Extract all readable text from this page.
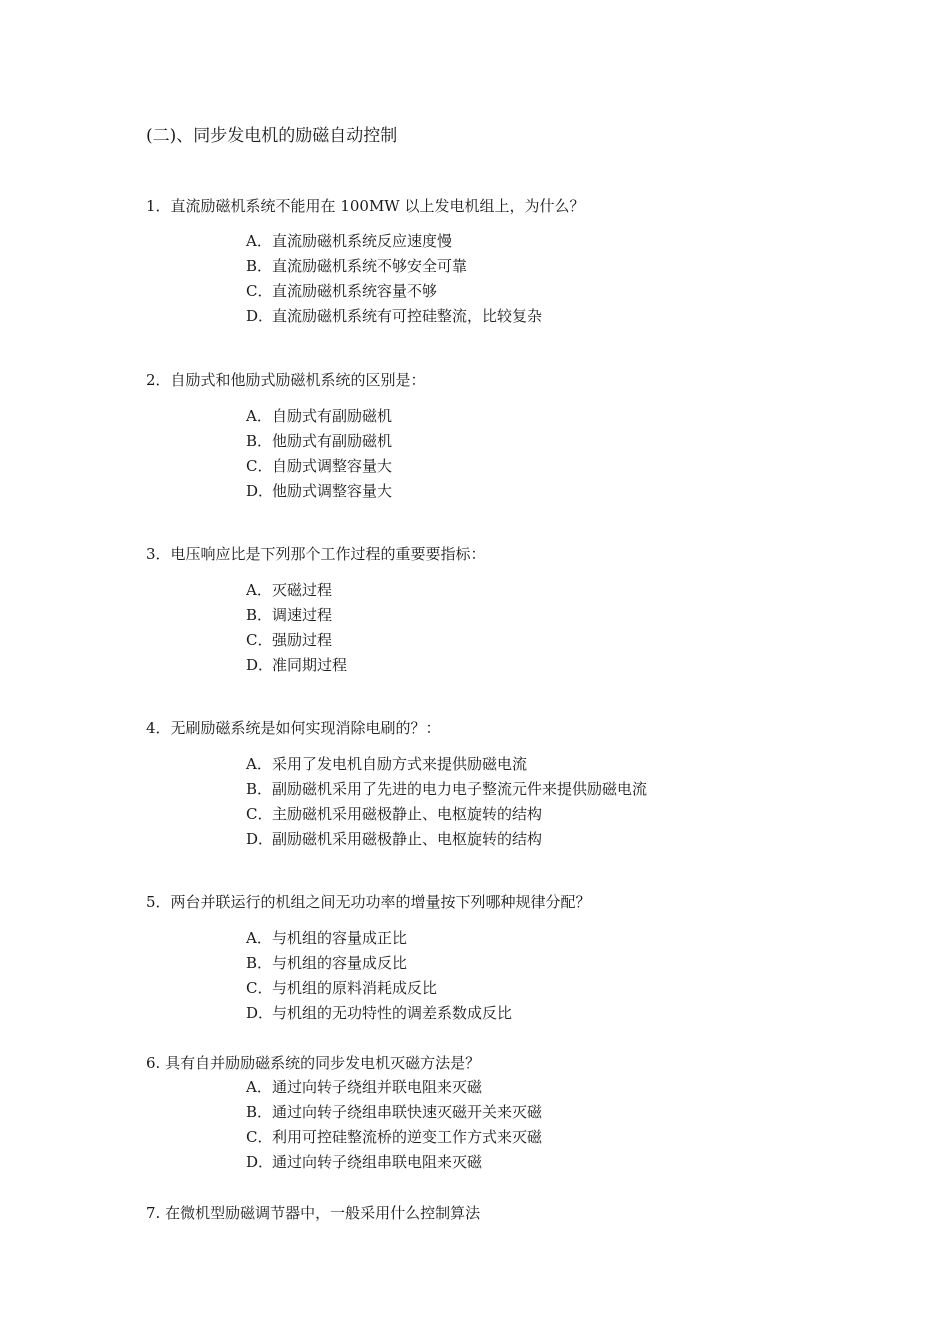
(二)、同步发电机的励磁自动控制
1．直流励磁机系统不能用在 100MW 以上发电机组上，为什么？
A．直流励磁机系统反应速度慢
B．直流励磁机系统不够安全可靠
C．直流励磁机系统容量不够
D．直流励磁机系统有可控硅整流，比较复杂
2．自励式和他励式励磁机系统的区别是：
A．自励式有副励磁机
B．他励式有副励磁机
C．自励式调整容量大
D．他励式调整容量大
3．电压响应比是下列那个工作过程的重要要指标：
A．灭磁过程
B．调速过程
C．强励过程
D．准同期过程
4．无刷励磁系统是如何实现消除电刷的？：
A．采用了发电机自励方式来提供励磁电流
B．副励磁机采用了先进的电力电子整流元件来提供励磁电流
C．主励磁机采用磁极静止、电枢旋转的结构
D．副励磁机采用磁极静止、电枢旋转的结构
5．两台并联运行的机组之间无功功率的增量按下列哪种规律分配？
A．与机组的容量成正比
B．与机组的容量成反比
C．与机组的原料消耗成反比
D．与机组的无功特性的调差系数成反比
6. 具有自并励励磁系统的同步发电机灭磁方法是？
A．通过向转子绕组并联电阻来灭磁
B．通过向转子绕组串联快速灭磁开关来灭磁
C．利用可控硅整流桥的逆变工作方式来灭磁
D．通过向转子绕组串联电阻来灭磁
7. 在微机型励磁调节器中，一般采用什么控制算法
